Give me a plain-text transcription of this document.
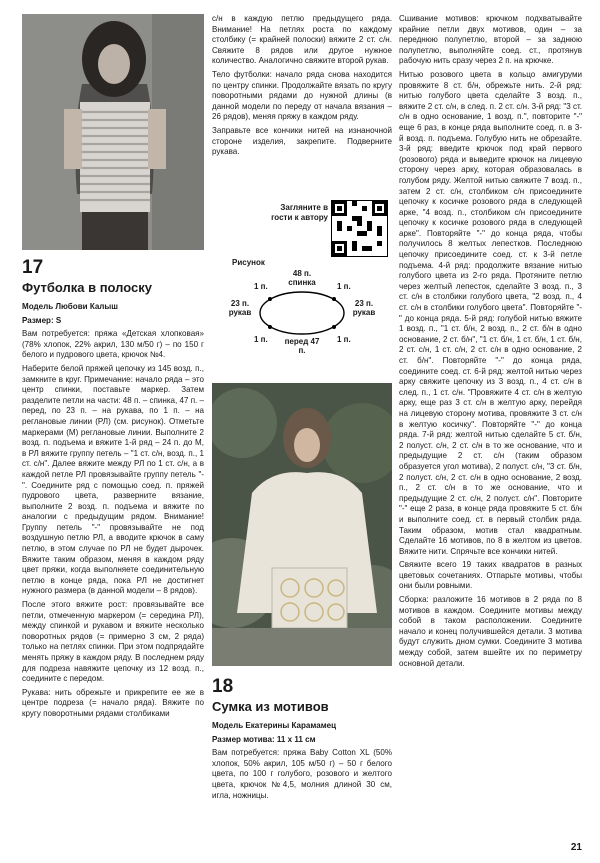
17
Футболка в полоску

Модель Любови Калыш

Размер: S

Вам потребуется: пряжа «Детская хлопковая» (78% хлопок, 22% акрил, 130 м/50 г) – по 150 г белого и пудрового цвета, крючок №4.

Наберите белой пряжей цепочку из 145 возд. п., замкните в круг. Примечание: начало ряда – это центр спинки, поставьте маркер. Затем разделите петли на части: 48 п. – спинка, 47 п. – перед, по 23 п. – на рукава, по 1 п. – на реглановые линии (РЛ) (см. рисунок). Отметьте маркерами (М) реглановые линии. Выполните 2 возд. п. подъема и вяжите 1-й ряд – 24 п. до М, в РЛ вяжите группу петель – "1 ст. с/н, возд. п., 1 ст. с/н". Далее вяжите между РЛ по 1 ст. с/н, а в каждой петле РЛ провязывайте группу петель "-". Соедините ряд с помощью соед. п. пряжей пудрового цвета, разверните вязание, выполните 2 возд. п. подъема и вяжите по аналогии с предыдущим рядом. Внимание! Группу петель "-" провязывайте не под воздушную петлю РЛ, а вводите крючок в саму петлю, в этом случае по РЛ не будет дырочек. Вяжите таким образом, меняя в каждом ряду цвет пряжи, когда выполняете соединительную петлю в конце ряда, пока РЛ не достигнет нужного размера (в данной модели – 8 рядов).

После этого вяжите рост: провязывайте все петли, отмеченную маркером (= середина РЛ), между спинкой и рукавом и вяжите несколько поворотных рядов (= примерно 3 см, 2 ряда) только на петлях спинки. При этом подпрядайте менять пряжу в каждом ряду. В последнем ряду для подреза навяжите цепочку из 12 возд. п., соедините с передом.

Рукава: нить обрежьте и прикрепите ее же в центре подреза (= начало ряда). Вяжите по кругу поворотными рядами столбиками

с/н в каждую петлю предыдущего ряда. Внимание! На петлях роста по каждому столбику (= крайней полоски) вяжите 2 ст. с/н. Свяжите 8 рядов или другое нужное количество. Аналогично свяжите второй рукав.

Тело футболки: начало ряда снова находится по центру спинки. Продолжайте вязать по кругу поворотными рядами до нужной длины (в данной модели по переду от начала вязания – 26 рядов), меняя пряжу в каждом ряду.

Заправьте все кончики нитей на изнаночной стороне изделия, закрепите. Подверните рукава.

Загляните в гости к автору
Рисунок
48 п. спинка
перед 47 п.
23 п. рукав
23 п. рукав
1 п.	1 п.
1 п.	1 п.
18
Сумка из мотивов

Модель Екатерины Карамамец

Размер мотива: 11 х 11 см

Вам потребуется: пряжа Baby Cotton XL (50% хлопок, 50% акрил, 105 м/50 г) – 50 г белого цвета, по 100 г голубого, розового и желтого цвета, крючок №4,5, молния длиной 30 см, игла, ножницы.

Сшивание мотивов: крючком подхватывайте крайние петли двух мотивов, один – за переднюю полупетлю, второй – за заднюю полупетлю, выполняйте соед. ст., протянув рабочую нить сразу через 2 п. на крючке.

Нитью розового цвета в кольцо амигуруми провяжите 8 ст. б/н, обрежьте нить. 2-й ряд: нитью голубого цвета сделайте 3 возд. п., вяжите 2 ст. с/н, в след. п. 2 ст. с/н. 3-й ряд: "3 ст. с/н в одно основание, 1 возд. п.", повторите "-" еще 6 раз, в конце ряда выполните соед. п. в 3-й возд. п. подъема. Голубую нить не обрезайте. 3-й ряд: введите крючок под край первого (розового) ряда и выведите крючок на лицевую сторону через арку, которая образовалась в голубом ряду. Желтой нитью свяжите 7 возд. п., затем 2 ст. с/н, столбиком с/н присоедините цепочку к косичке розового ряда в следующей арке, "4 возд. п., столбиком с/н присоедините цепочку к косичке розового ряда в следующей арке". Повторяйте "-" до конца ряда, чтобы получилось 8 желтых лепестков. Последнюю цепочку присоедините соед. ст. к 3-й петле подъема. 4-й ряд: продолжите вязание нитью голубого цвета из 2-го ряда. Протяните петлю через желтый лепесток, сделайте 3 возд. п., 3 ст. с/н в столбики голубого цвета, "2 возд. п., 4 ст. с/н в столбики голубого цвета". Повторяйте "-" до конца ряда. 5-й ряд: голубой нитью вяжите 1 возд. п., "1 ст. б/н, 2 возд. п., 2 ст. б/н в одно основание, 2 ст. б/н", "1 ст. б/н, 1 ст. б/н, 1 ст. б/н, 2 ст. с/н, 1 ст. с/н, 2 ст. с/н в одно основание, 2 ст. б/н". Повторяйте "-" до конца ряда, соедините соед. ст. 6-й ряд: желтой нитью через арку свяжите цепочку из 3 возд. п., 4 ст. с/н в след. п., 1 ст. с/н. "Провяжите 4 ст. с/н в желтую арку, еще раз 3 ст. с/н в желтую арку, перейдя на лицевую сторону мотива, провяжите 3 ст. с/н в желтую косичку". Повторяйте "-" до конца ряда. 7-й ряд: желтой нитью сделайте 5 ст. б/н, 2 полуст. с/н, 2 ст. с/н в то же основание, что и предыдущие 2 ст. с/н (таким образом образуется угол мотива), 2 полуст. с/н, "3 ст. б/н, 2 полуст. с/н, 2 ст. с/н в одно основание, 2 возд. п., 2 ст. с/н в то же основание, что и предыдущие 2 ст. с/н, 2 полуст. с/н". Повторите "-" еще 2 раза, в конце ряда провяжите 5 ст. б/н и выполните соед. ст. в первый столбик ряда. Таким образом, мотив стал квадратным. Сделайте 16 мотивов, по 8 в желтом из цветов. Вяжите нити. Спрячьте все кончики нитей.

Свяжите всего 19 таких квадратов в разных цветовых сочетаниях. Отпарьте мотивы, чтобы они были ровными.

Сборка: разложите 16 мотивов в 2 ряда по 8 мотивов в каждом. Соедините мотивы между собой в таком расположении. Соедините начало и конец получившейся детали. 3 мотива будут служить дном сумки. Соедините 3 мотива между собой, затем вшейте их по периметру основной детали.

21
